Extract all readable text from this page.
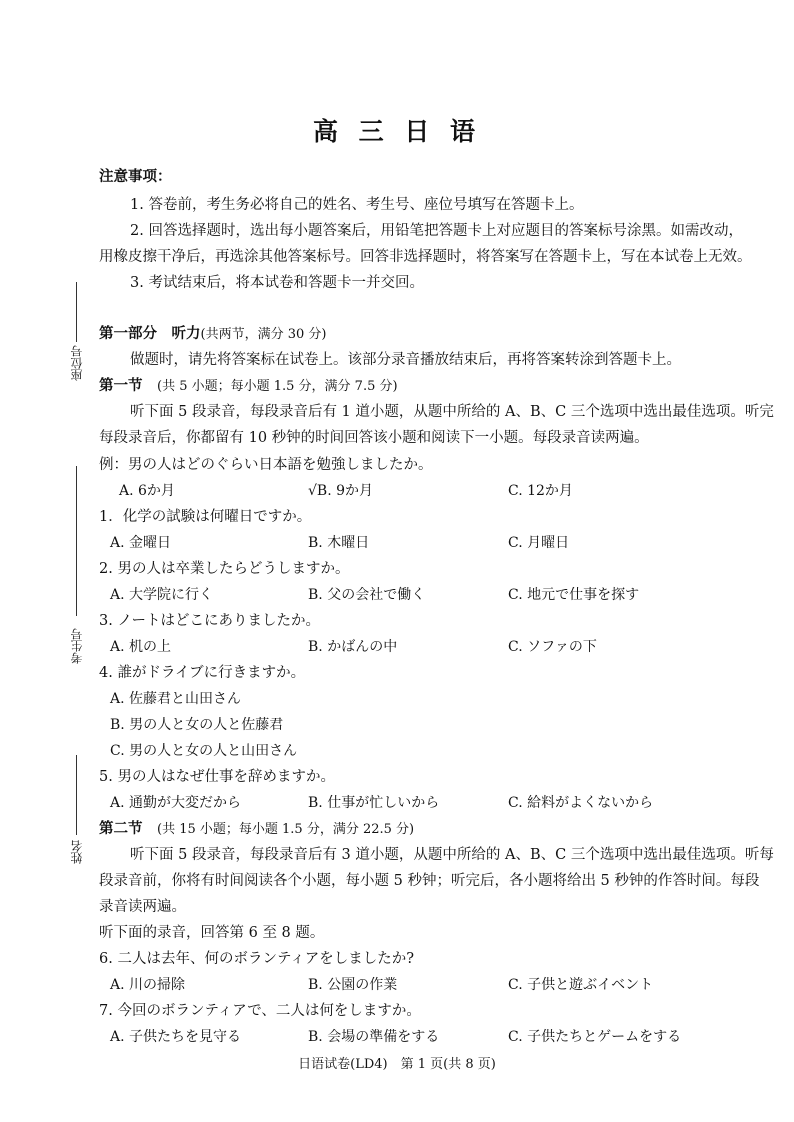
高 三 日 语
座位号
考生号
姓名
注意事项：
1. 答卷前，考生务必将自己的姓名、考生号、座位号填写在答题卡上。
2. 回答选择题时，选出每小题答案后，用铅笔把答题卡上对应题目的答案标号涂黑。如需改动，
用橡皮擦干净后，再选涂其他答案标号。回答非选择题时，将答案写在答题卡上，写在本试卷上无效。
3. 考试结束后，将本试卷和答题卡一并交回。
第一部分　听力(共两节，满分 30 分)
做题时，请先将答案标在试卷上。该部分录音播放结束后，再将答案转涂到答题卡上。
第一节　 (共 5 小题；每小题 1.5 分，满分 7.5 分)
听下面 5 段录音，每段录音后有 1 道小题，从题中所给的 A、B、C 三个选项中选出最佳选项。听完
每段录音后，你都留有 10 秒钟的时间回答该小题和阅读下一小题。每段录音读两遍。
例：男の人はどのぐらい日本語を勉強しましたか。
A. 6か月	√B. 9か月	C. 12か月
1．化学の試験は何曜日ですか。
A. 金曜日	B. 木曜日	C. 月曜日
2. 男の人は卒業したらどうしますか。
A. 大学院に行く	B. 父の会社で働く	C. 地元で仕事を探す
3. ノートはどこにありましたか。
A. 机の上	B. かばんの中	C. ソファの下
4. 誰がドライブに行きますか。
A. 佐藤君と山田さん
B. 男の人と女の人と佐藤君
C. 男の人と女の人と山田さん
5. 男の人はなぜ仕事を辞めますか。
A. 通勤が大変だから	B. 仕事が忙しいから	C. 給料がよくないから
第二节　 (共 15 小题；每小题 1.5 分，满分 22.5 分)
听下面 5 段录音，每段录音后有 3 道小题，从题中所给的 A、B、C 三个选项中选出最佳选项。听每
段录音前，你将有时间阅读各个小题，每小题 5 秒钟；听完后，各小题将给出 5 秒钟的作答时间。每段
录音读两遍。
听下面的录音，回答第 6 至 8 题。
6. 二人は去年、何のボランティアをしましたか?
A. 川の掃除	B. 公園の作業	C. 子供と遊ぶイベント
7. 今回のボランティアで、二人は何をしますか。
A. 子供たちを見守る	B. 会場の準備をする	C. 子供たちとゲームをする
日语试卷(LD4)　第 1 页(共 8 页)
